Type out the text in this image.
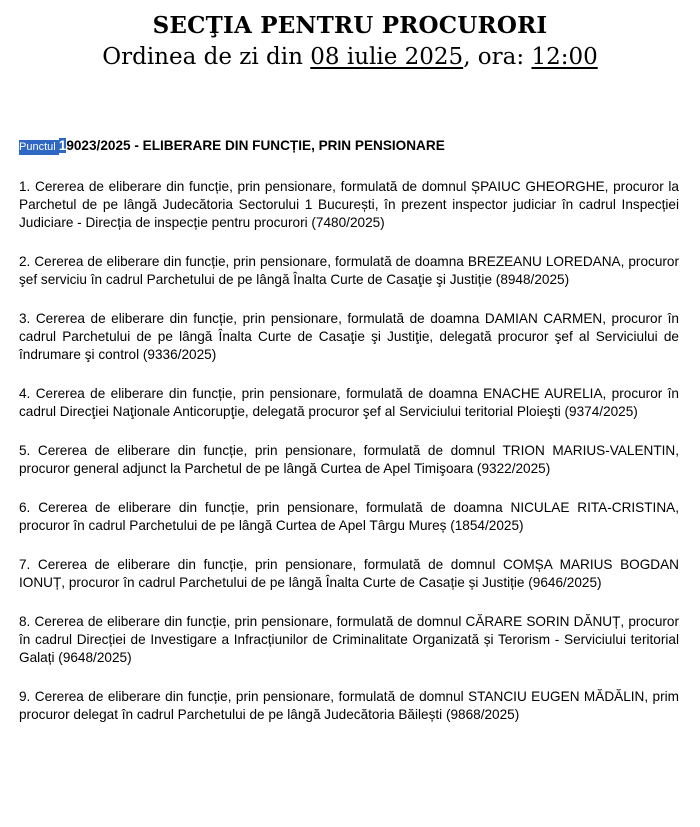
SECŢIA PENTRU PROCURORI
Ordinea de zi din 08 iulie 2025, ora: 12:00
Punctul 19023/2025 - ELIBERARE DIN FUNCȚIE, PRIN PENSIONARE

1. Cererea de eliberare din funcție, prin pensionare, formulată de domnul ȘPAIUC GHEORGHE, procuror la Parchetul de pe lângă Judecătoria Sectorului 1 București, în prezent inspector judiciar în cadrul Inspecției Judiciare - Direcția de inspecție pentru procurori (7480/2025)

2. Cererea de eliberare din funcție, prin pensionare, formulată de doamna BREZEANU LOREDANA, procuror şef serviciu în cadrul Parchetului de pe lângă Înalta Curte de Casaţie şi Justiție (8948/2025)

3. Cererea de eliberare din funcție, prin pensionare, formulată de doamna DAMIAN CARMEN, procuror în cadrul Parchetului de pe lângă Înalta Curte de Casaţie şi Justiţie, delegată procuror şef al Serviciului de îndrumare şi control (9336/2025)

4. Cererea de eliberare din funcție, prin pensionare, formulată de doamna ENACHE AURELIA, procuror în cadrul Direcţiei Naţionale Anticorupţie, delegată procuror şef al Serviciului teritorial Ploieşti (9374/2025)

5. Cererea de eliberare din funcție, prin pensionare, formulată de domnul TRION MARIUS-VALENTIN, procuror general adjunct la Parchetul de pe lângă Curtea de Apel Timişoara (9322/2025)

6. Cererea de eliberare din funcție, prin pensionare, formulată de doamna NICULAE RITA-CRISTINA, procuror în cadrul Parchetului de pe lângă Curtea de Apel Târgu Mureș (1854/2025)

7. Cererea de eliberare din funcție, prin pensionare, formulată de domnul COMȘA MARIUS BOGDAN IONUȚ, procuror în cadrul Parchetului de pe lângă Înalta Curte de Casație și Justiție (9646/2025)

8. Cererea de eliberare din funcție, prin pensionare, formulată de domnul CĂRARE SORIN DĂNUȚ, procuror în cadrul Direcției de Investigare a Infracțiunilor de Criminalitate Organizată și Terorism - Serviciului teritorial Galați (9648/2025)

9. Cererea de eliberare din funcție, prin pensionare, formulată de domnul STANCIU EUGEN MĂDĂLIN, prim procuror delegat în cadrul Parchetului de pe lângă Judecătoria Băilești (9868/2025)
